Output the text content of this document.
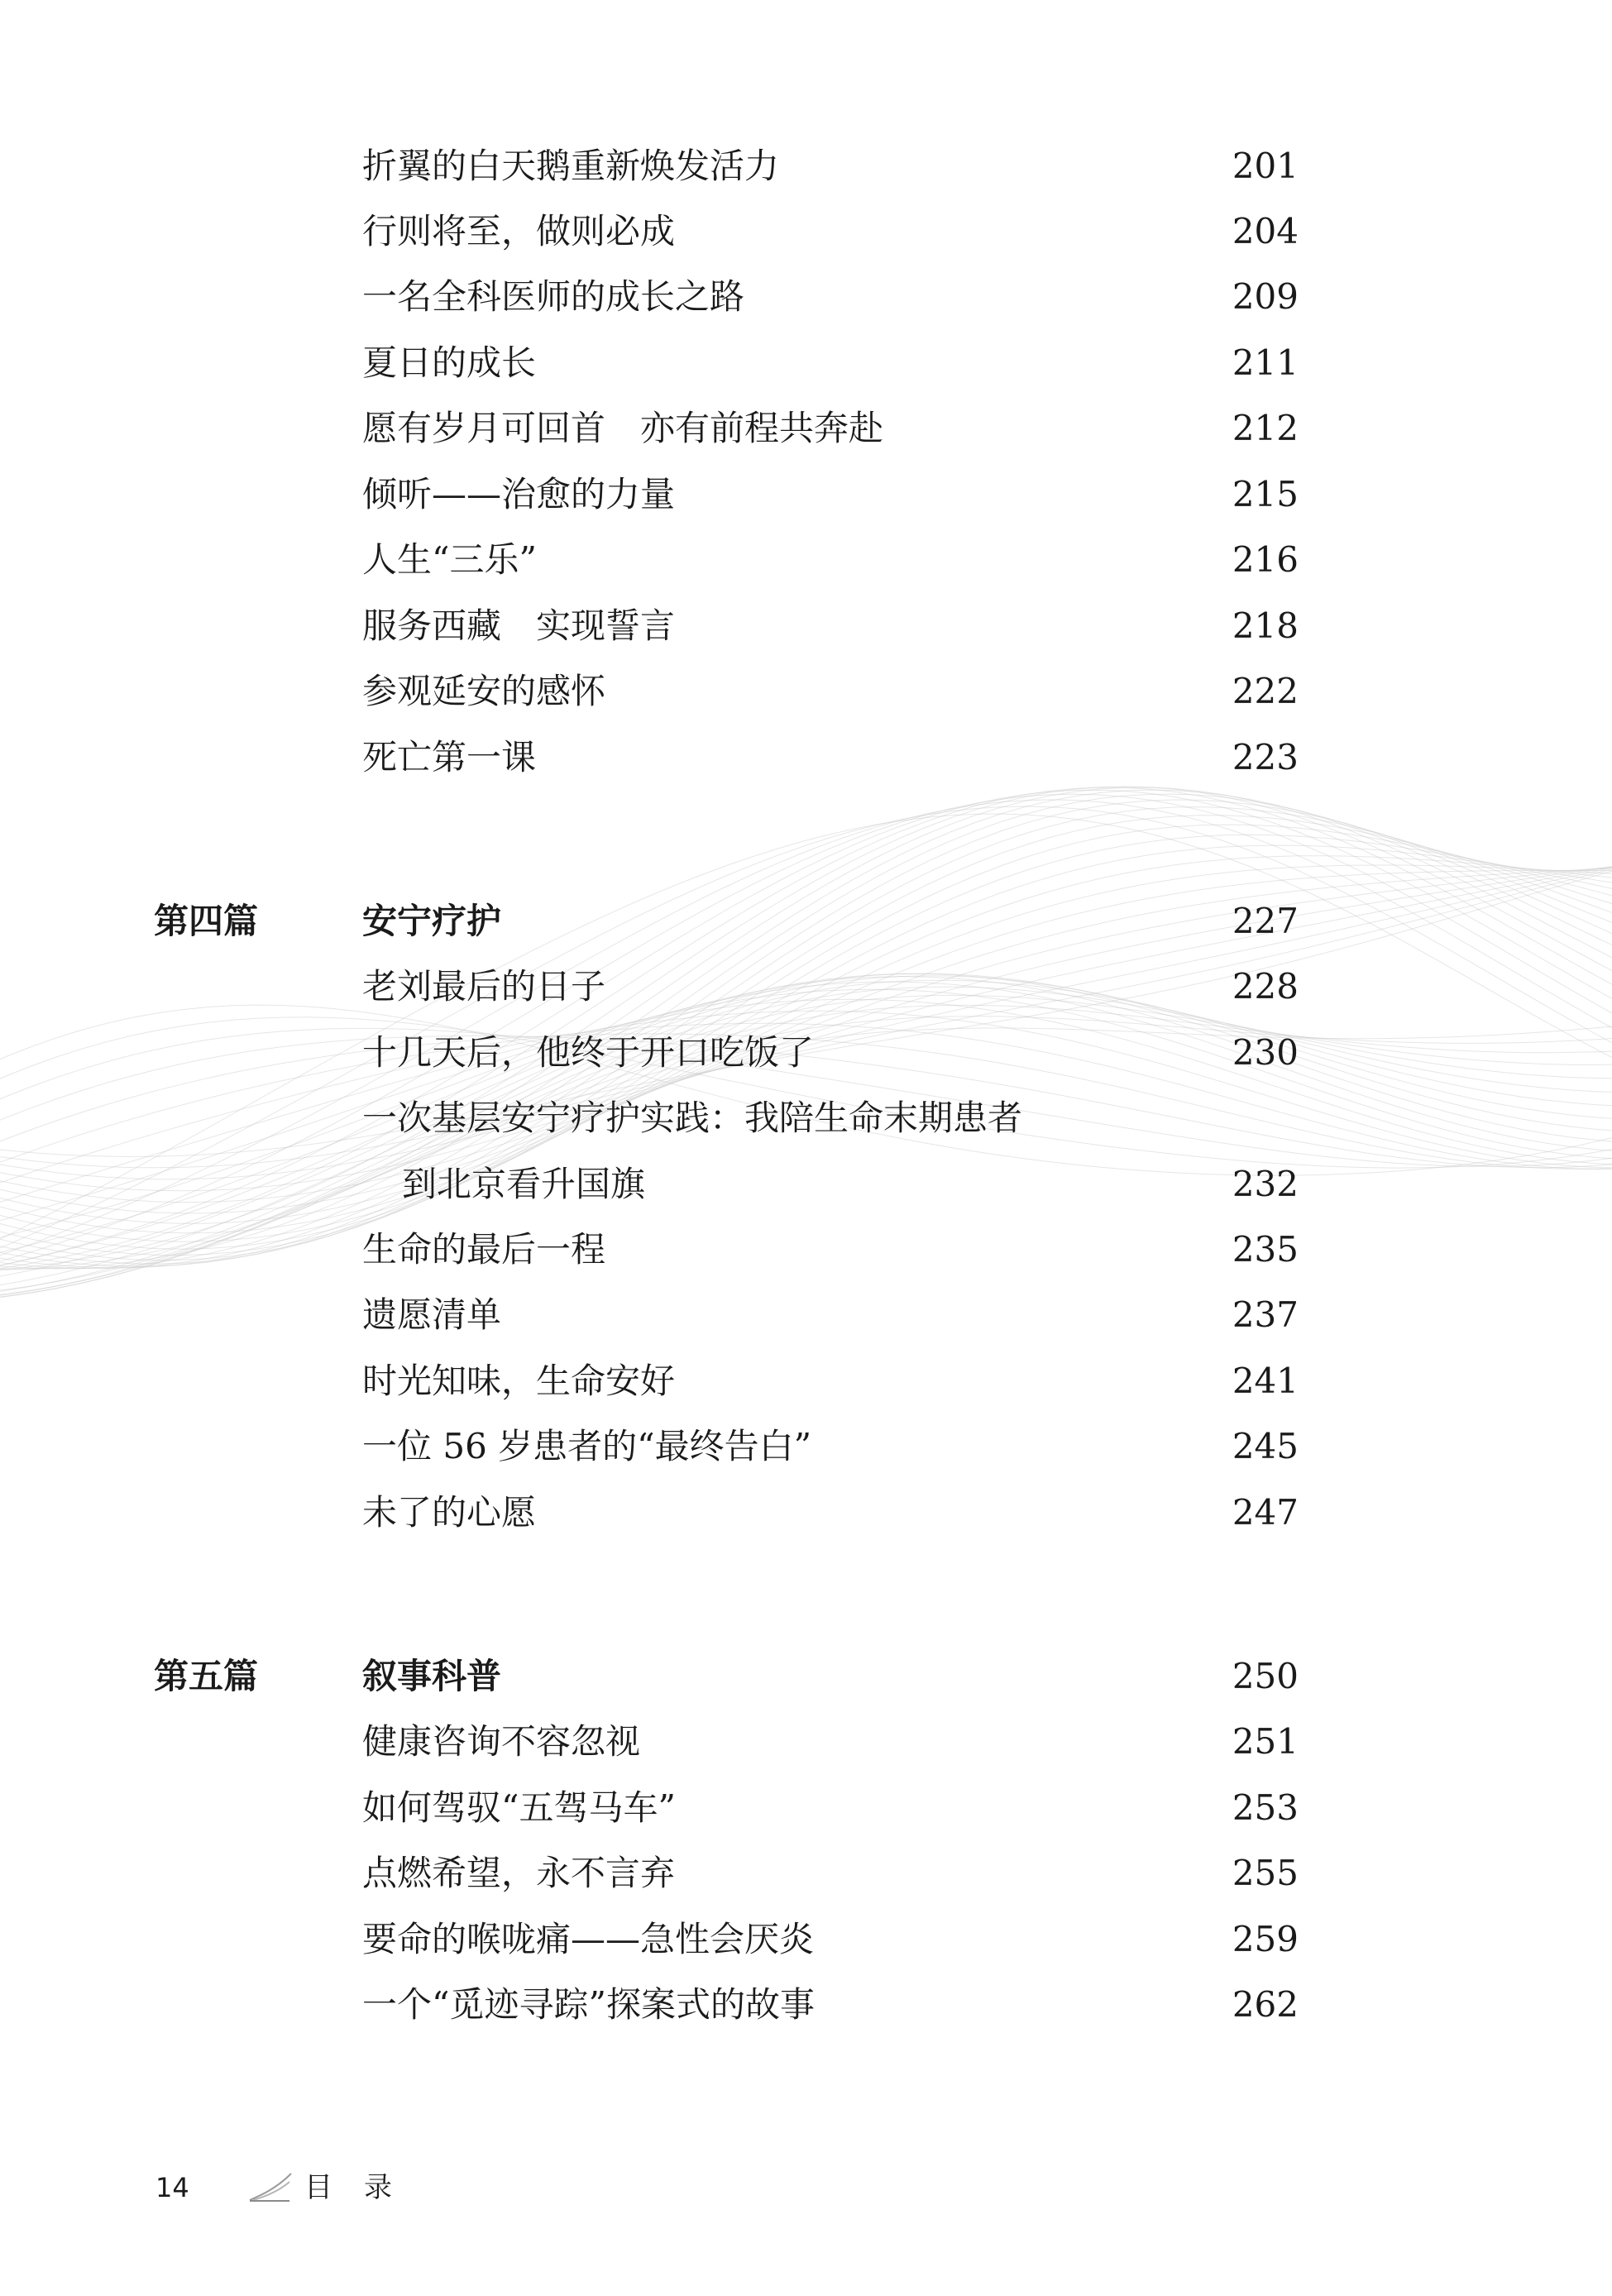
折翼的白天鹅重新焕发活力	201
行则将至，做则必成	204
一名全科医师的成长之路	209
夏日的成长	211
愿有岁月可回首　亦有前程共奔赴	212
倾听——治愈的力量	215
人生“三乐”	216
服务西藏　实现誓言	218
参观延安的感怀	222
死亡第一课	223
第四篇	安宁疗护	227
老刘最后的日子	228
十几天后，他终于开口吃饭了	230
一次基层安宁疗护实践：我陪生命末期患者
到北京看升国旗	232
生命的最后一程	235
遗愿清单	237
时光知味，生命安好	241
一位 56 岁患者的“最终告白”	245
未了的心愿	247
第五篇	叙事科普	250
健康咨询不容忽视	251
如何驾驭“五驾马车”	253
点燃希望，永不言弃	255
要命的喉咙痛——急性会厌炎	259
一个“觅迹寻踪”探案式的故事	262
14	目录
